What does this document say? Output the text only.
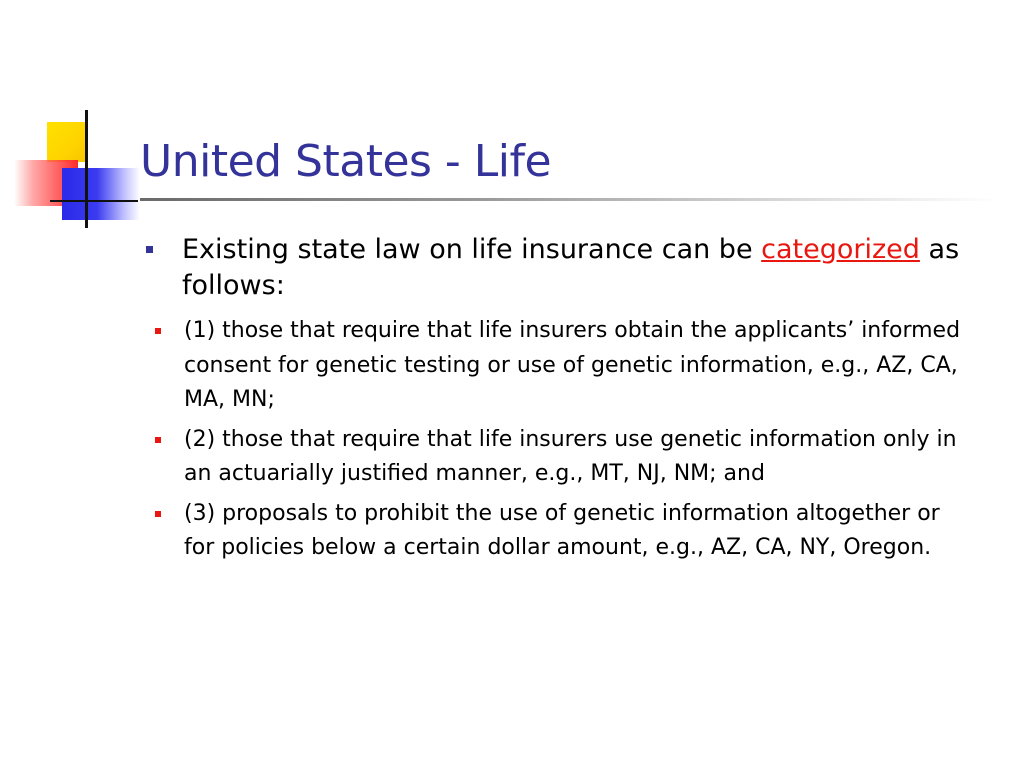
United States - Life
Existing state law on life insurance can be categorized as follows:
(1) those that require that life insurers obtain the applicants’ informed consent for genetic testing or use of genetic information, e.g., AZ, CA, MA, MN;
(2) those that require that life insurers use genetic information only in an actuarially justified manner, e.g., MT, NJ, NM; and
(3) proposals to prohibit the use of genetic information altogether or for policies below a certain dollar amount, e.g., AZ, CA, NY, Oregon.
